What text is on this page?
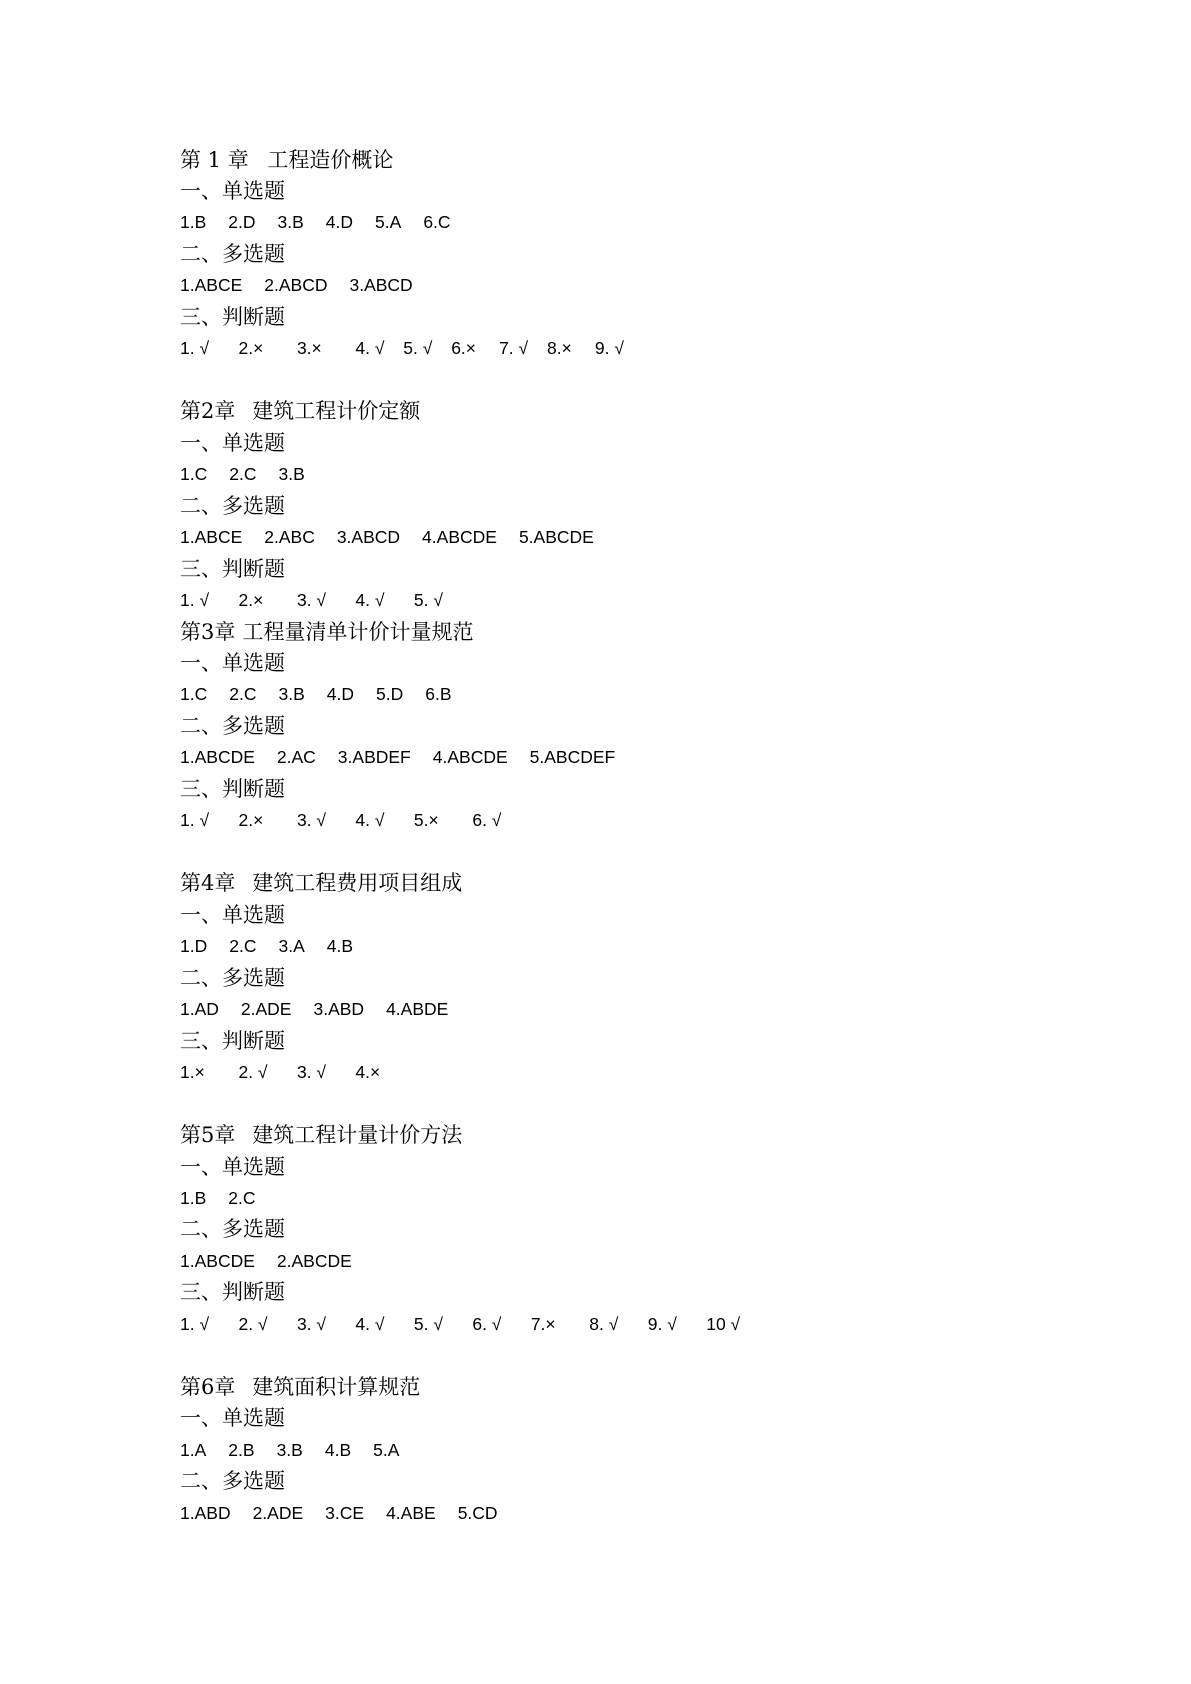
第 1 章 工程造价概论
一、单选题
1.B 2.D 3.B 4.D 5.A 6.C
二、多选题
1.ABCE 2.ABCD 3.ABCD
三、判断题
1. √	2.×	3.×	4. √	5. √	6.×	7. √	8.×	9. √
第2章 建筑工程计价定额
一、单选题
1.C 2.C 3.B
二、多选题
1.ABCE 2.ABC 3.ABCD 4.ABCDE 5.ABCDE
三、判断题
1. √	2.×	3. √	4. √	5. √
第3章 工程量清单计价计量规范
一、单选题
1.C 2.C 3.B 4.D 5.D 6.B
二、多选题
1.ABCDE 2.AC 3.ABDEF 4.ABCDE 5.ABCDEF
三、判断题
1. √	2.×	3. √	4. √	5.×	6. √
第4章 建筑工程费用项目组成
一、单选题
1.D 2.C 3.A 4.B
二、多选题
1.AD 2.ADE 3.ABD 4.ABDE
三、判断题
1.×	2. √	3. √	4.×
第5章 建筑工程计量计价方法
一、单选题
1.B 2.C
二、多选题
1.ABCDE 2.ABCDE
三、判断题
1. √	2. √	3. √	4. √	5. √	6. √	7.×	8. √	9. √	10 √
第6章 建筑面积计算规范
一、单选题
1.A 2.B 3.B 4.B 5.A
二、多选题
1.ABD 2.ADE 3.CE 4.ABE 5.CD
